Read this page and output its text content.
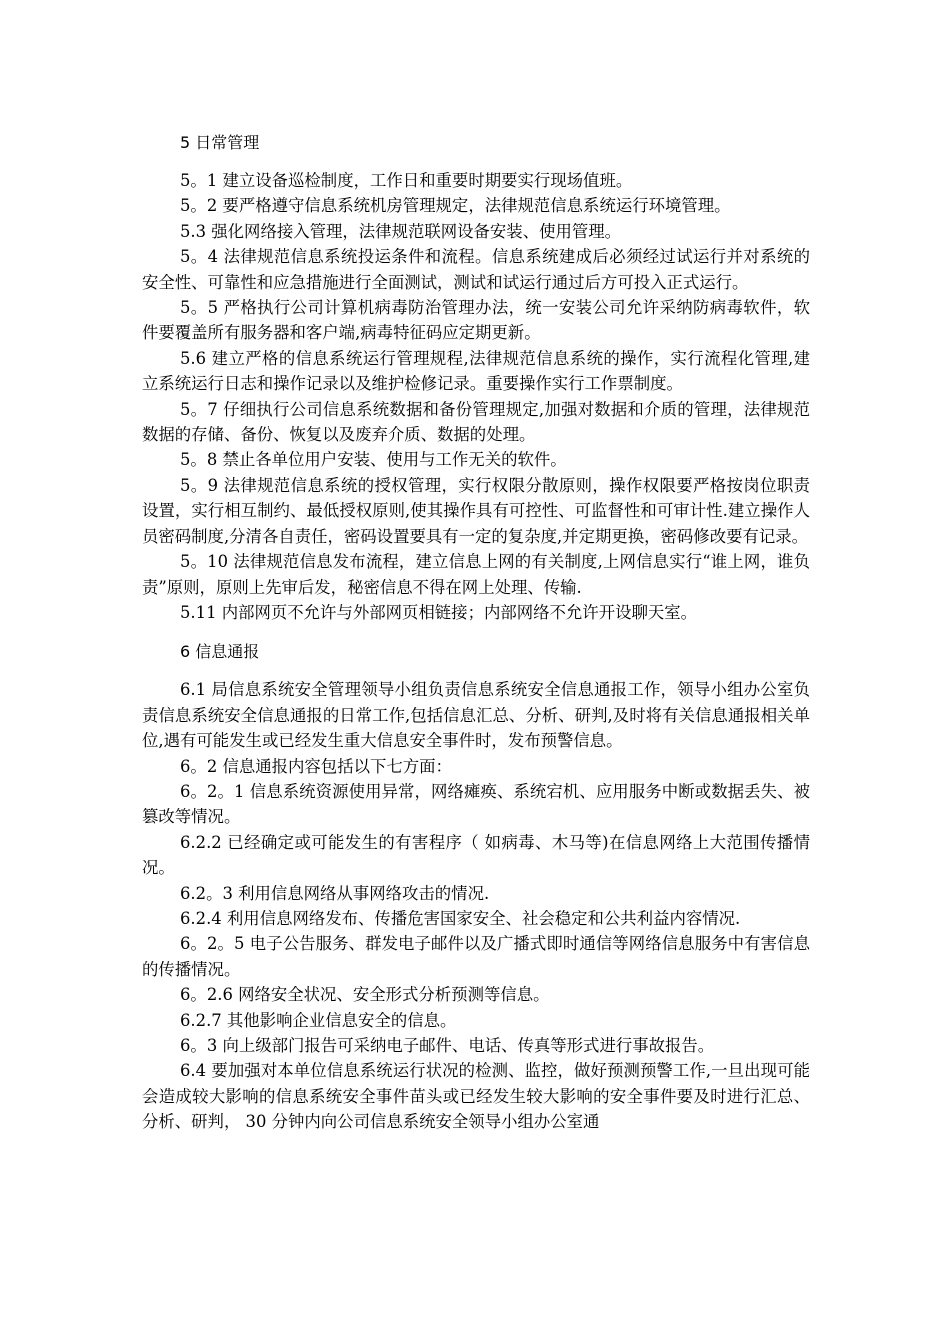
5 日常管理

5。1 建立设备巡检制度，工作日和重要时期要实行现场值班。

5。2 要严格遵守信息系统机房管理规定，法律规范信息系统运行环境管理。

5.3 强化网络接入管理，法律规范联网设备安装、使用管理。

5。4 法律规范信息系统投运条件和流程。信息系统建成后必须经过试运行并对系统的安全性、可靠性和应急措施进行全面测试，测试和试运行通过后方可投入正式运行。

5。5 严格执行公司计算机病毒防治管理办法，统一安装公司允许采纳防病毒软件，软件要覆盖所有服务器和客户端,病毒特征码应定期更新。

5.6 建立严格的信息系统运行管理规程,法律规范信息系统的操作，实行流程化管理,建立系统运行日志和操作记录以及维护检修记录。重要操作实行工作票制度。

5。7 仔细执行公司信息系统数据和备份管理规定,加强对数据和介质的管理，法律规范数据的存储、备份、恢复以及废弃介质、数据的处理。

5。8 禁止各单位用户安装、使用与工作无关的软件。

5。9 法律规范信息系统的授权管理，实行权限分散原则，操作权限要严格按岗位职责设置，实行相互制约、最低授权原则,使其操作具有可控性、可监督性和可审计性.建立操作人员密码制度,分清各自责任，密码设置要具有一定的复杂度,并定期更换，密码修改要有记录。

5。10 法律规范信息发布流程，建立信息上网的有关制度,上网信息实行“谁上网，谁负责”原则，原则上先审后发，秘密信息不得在网上处理、传输.

5.11 内部网页不允许与外部网页相链接；内部网络不允许开设聊天室。

6 信息通报

6.1 局信息系统安全管理领导小组负责信息系统安全信息通报工作，领导小组办公室负责信息系统安全信息通报的日常工作,包括信息汇总、分析、研判,及时将有关信息通报相关单位,遇有可能发生或已经发生重大信息安全事件时，发布预警信息。

6。2 信息通报内容包括以下七方面：

6。2。1 信息系统资源使用异常，网络瘫痪、系统宕机、应用服务中断或数据丢失、被篡改等情况。

6.2.2 已经确定或可能发生的有害程序（ 如病毒、木马等)在信息网络上大范围传播情况。

6.2。3 利用信息网络从事网络攻击的情况.

6.2.4 利用信息网络发布、传播危害国家安全、社会稳定和公共利益内容情况.

6。2。5 电子公告服务、群发电子邮件以及广播式即时通信等网络信息服务中有害信息的传播情况。

6。2.6 网络安全状况、安全形式分析预测等信息。

6.2.7 其他影响企业信息安全的信息。

6。3 向上级部门报告可采纳电子邮件、电话、传真等形式进行事故报告。

6.4 要加强对本单位信息系统运行状况的检测、监控，做好预测预警工作,一旦出现可能会造成较大影响的信息系统安全事件苗头或已经发生较大影响的安全事件要及时进行汇总、分析、研判， 30 分钟内向公司信息系统安全领导小组办公室通
